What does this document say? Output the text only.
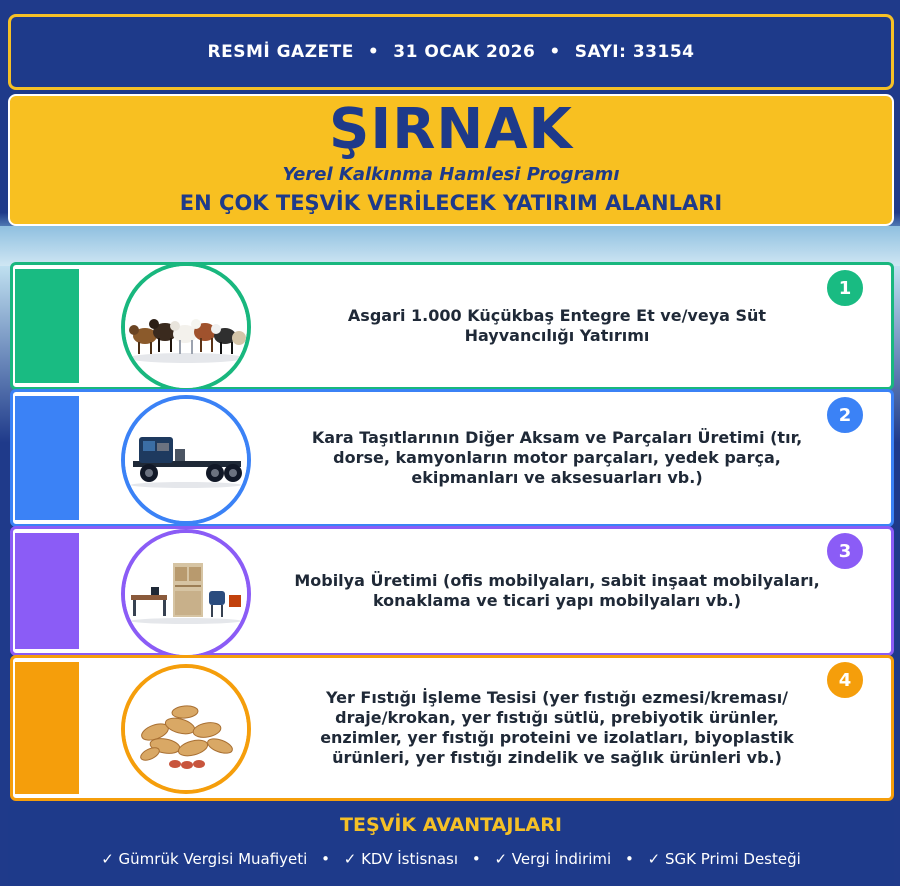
RESMİ GAZETE • 31 OCAK 2026 • SAYI: 33154
ŞIRNAK
Yerel Kalkınma Hamlesi Programı
EN ÇOK TEŞVİK VERİLECEK YATIRIM ALANLARI
Asgari 1.000 Küçükbaş Entegre Et ve/veya Süt Hayvancılığı Yatırımı
1
Kara Taşıtlarının Diğer Aksam ve Parçaları Üretimi (tır, dorse, kamyonların motor parçaları, yedek parça, ekipmanları ve aksesuarları vb.)
2
Mobilya Üretimi (ofis mobilyaları, sabit inşaat mobilyaları, konaklama ve ticari yapı mobilyaları vb.)
3
Yer Fıstığı İşleme Tesisi (yer fıstığı ezmesi/kreması/ draje/krokan, yer fıstığı sütlü, prebiyotik ürünler, enzimler, yer fıstığı proteini ve izolatları, biyoplastik ürünleri, yer fıstığı zindelik ve sağlık ürünleri vb.)
4
TEŞVİK AVANTAJLARI
✓ Gümrük Vergisi Muafiyeti • ✓ KDV İstisnası • ✓ Vergi İndirimi • ✓ SGK Primi Desteği
